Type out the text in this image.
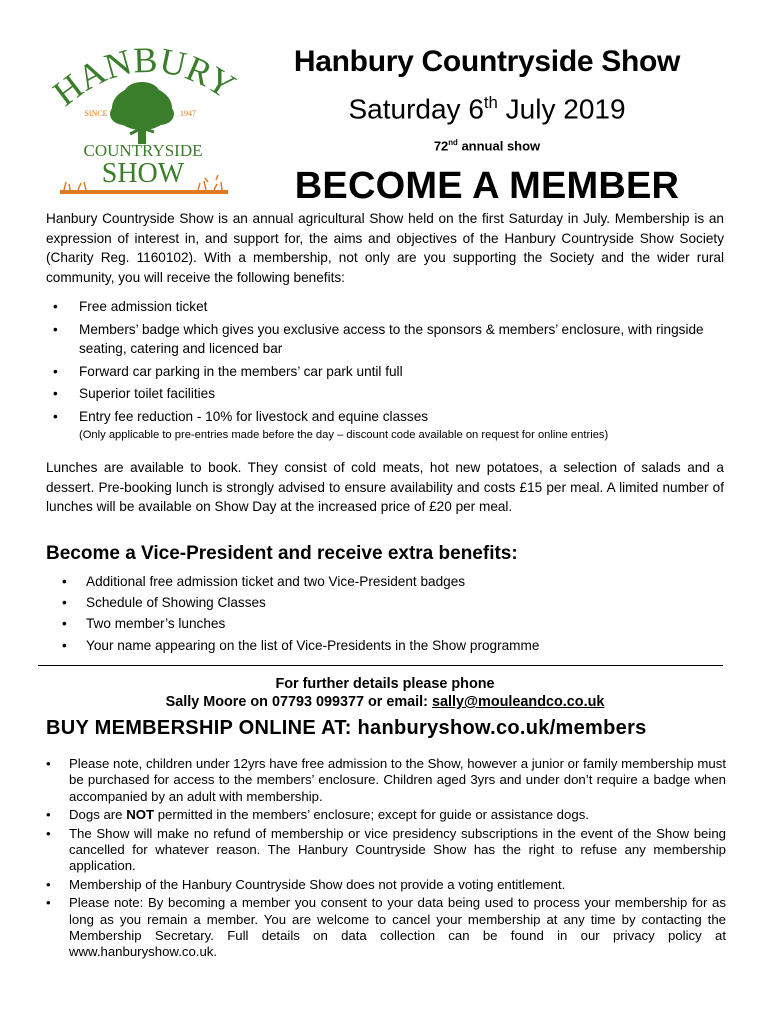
HANBURY
SINCE	1947
COUNTRYSIDE
SHOW
Hanbury Countryside Show
Saturday 6th July 2019
72nd annual show
BECOME A MEMBER
Hanbury Countryside Show is an annual agricultural Show held on the first Saturday in July. Membership is an expression of interest in, and support for, the aims and objectives of the Hanbury Countryside Show Society (Charity Reg. 1160102). With a membership, not only are you supporting the Society and the wider rural community, you will receive the following benefits:
• Free admission ticket
• Members’ badge which gives you exclusive access to the sponsors & members’ enclosure, with ringside seating, catering and licenced bar
• Forward car parking in the members’ car park until full
• Superior toilet facilities
• Entry fee reduction - 10% for livestock and equine classes
(Only applicable to pre-entries made before the day – discount code available on request for online entries)
Lunches are available to book. They consist of cold meats, hot new potatoes, a selection of salads and a dessert. Pre-booking lunch is strongly advised to ensure availability and costs £15 per meal. A limited number of lunches will be available on Show Day at the increased price of £20 per meal.
Become a Vice-President and receive extra benefits:
• Additional free admission ticket and two Vice-President badges
• Schedule of Showing Classes
• Two member’s lunches
• Your name appearing on the list of Vice-Presidents in the Show programme
For further details please phone
Sally Moore on 07793 099377 or email: sally@mouleandco.co.uk
BUY MEMBERSHIP ONLINE AT: hanburyshow.co.uk/members
• Please note, children under 12yrs have free admission to the Show, however a junior or family membership must be purchased for access to the members’ enclosure. Children aged 3yrs and under don’t require a badge when accompanied by an adult with membership.
• Dogs are NOT permitted in the members’ enclosure; except for guide or assistance dogs.
• The Show will make no refund of membership or vice presidency subscriptions in the event of the Show being cancelled for whatever reason. The Hanbury Countryside Show has the right to refuse any membership application.
• Membership of the Hanbury Countryside Show does not provide a voting entitlement.
• Please note: By becoming a member you consent to your data being used to process your membership for as long as you remain a member. You are welcome to cancel your membership at any time by contacting the Membership Secretary. Full details on data collection can be found in our privacy policy at www.hanburyshow.co.uk.
